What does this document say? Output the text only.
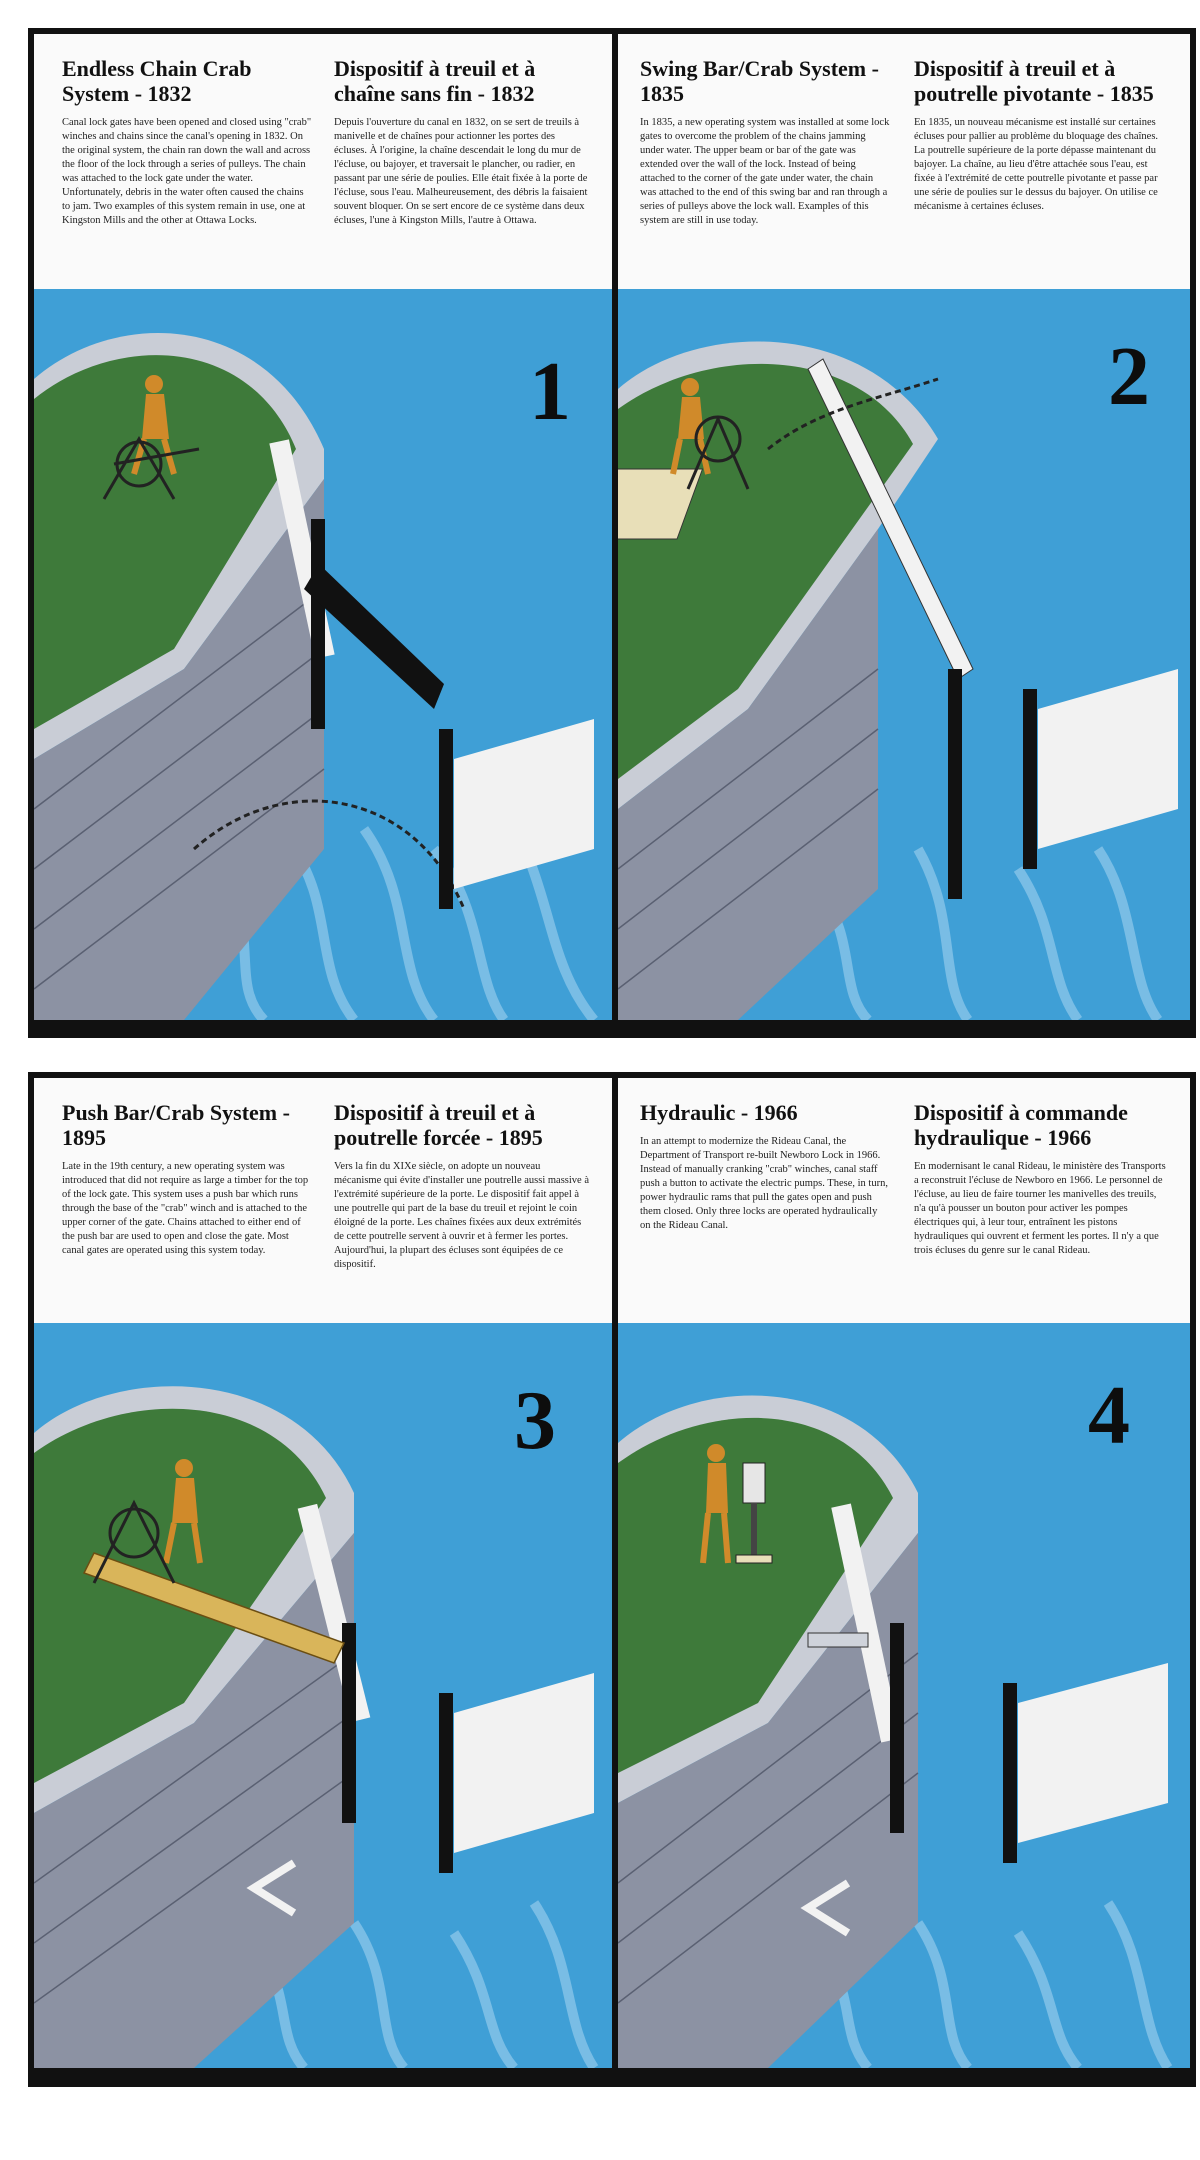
Endless Chain Crab System - 1832

Canal lock gates have been opened and closed using "crab" winches and chains since the canal's opening in 1832. On the original system, the chain ran down the wall and across the floor of the lock through a series of pulleys. The chain was attached to the lock gate under the water. Unfortunately, debris in the water often caused the chains to jam. Two examples of this system remain in use, one at Kingston Mills and the other at Ottawa Locks.

Dispositif à treuil et à chaîne sans fin - 1832

Depuis l'ouverture du canal en 1832, on se sert de treuils à manivelle et de chaînes pour actionner les portes des écluses. À l'origine, la chaîne descendait le long du mur de l'écluse, ou bajoyer, et traversait le plancher, ou radier, en passant par une série de poulies. Elle était fixée à la porte de l'écluse, sous l'eau. Malheureusement, des débris la faisaient souvent bloquer. On se sert encore de ce système dans deux écluses, l'une à Kingston Mills, l'autre à Ottawa.

1
Swing Bar/Crab System - 1835

In 1835, a new operating system was installed at some lock gates to overcome the problem of the chains jamming under water. The upper beam or bar of the gate was extended over the wall of the lock. Instead of being attached to the corner of the gate under water, the chain was attached to the end of this swing bar and ran through a series of pulleys above the lock wall. Examples of this system are still in use today.

Dispositif à treuil et à poutrelle pivotante - 1835

En 1835, un nouveau mécanisme est installé sur certaines écluses pour pallier au problème du bloquage des chaînes. La poutrelle supérieure de la porte dépasse maintenant du bajoyer. La chaîne, au lieu d'être attachée sous l'eau, est fixée à l'extrémité de cette poutrelle pivotante et passe par une série de poulies sur le dessus du bajoyer. On utilise ce mécanisme à certaines écluses.

2
Push Bar/Crab System - 1895

Late in the 19th century, a new operating system was introduced that did not require as large a timber for the top of the lock gate. This system uses a push bar which runs through the base of the "crab" winch and is attached to the upper corner of the gate. Chains attached to either end of the push bar are used to open and close the gate. Most canal gates are operated using this system today.

Dispositif à treuil et à poutrelle forcée - 1895

Vers la fin du XIXe siècle, on adopte un nouveau mécanisme qui évite d'installer une poutrelle aussi massive à l'extrémité supérieure de la porte. Le dispositif fait appel à une poutrelle qui part de la base du treuil et rejoint le coin éloigné de la porte. Les chaînes fixées aux deux extrémités de cette poutrelle servent à ouvrir et à fermer les portes. Aujourd'hui, la plupart des écluses sont équipées de ce dispositif.

3
Hydraulic - 1966

In an attempt to modernize the Rideau Canal, the Department of Transport re-built Newboro Lock in 1966. Instead of manually cranking "crab" winches, canal staff push a button to activate the electric pumps. These, in turn, power hydraulic rams that pull the gates open and push them closed. Only three locks are operated hydraulically on the Rideau Canal.

Dispositif à commande hydraulique - 1966

En modernisant le canal Rideau, le ministère des Transports a reconstruit l'écluse de Newboro en 1966. Le personnel de l'écluse, au lieu de faire tourner les manivelles des treuils, n'a qu'à pousser un bouton pour activer les pompes électriques qui, à leur tour, entraînent les pistons hydrauliques qui ouvrent et ferment les portes. Il n'y a que trois écluses du genre sur le canal Rideau.

4
